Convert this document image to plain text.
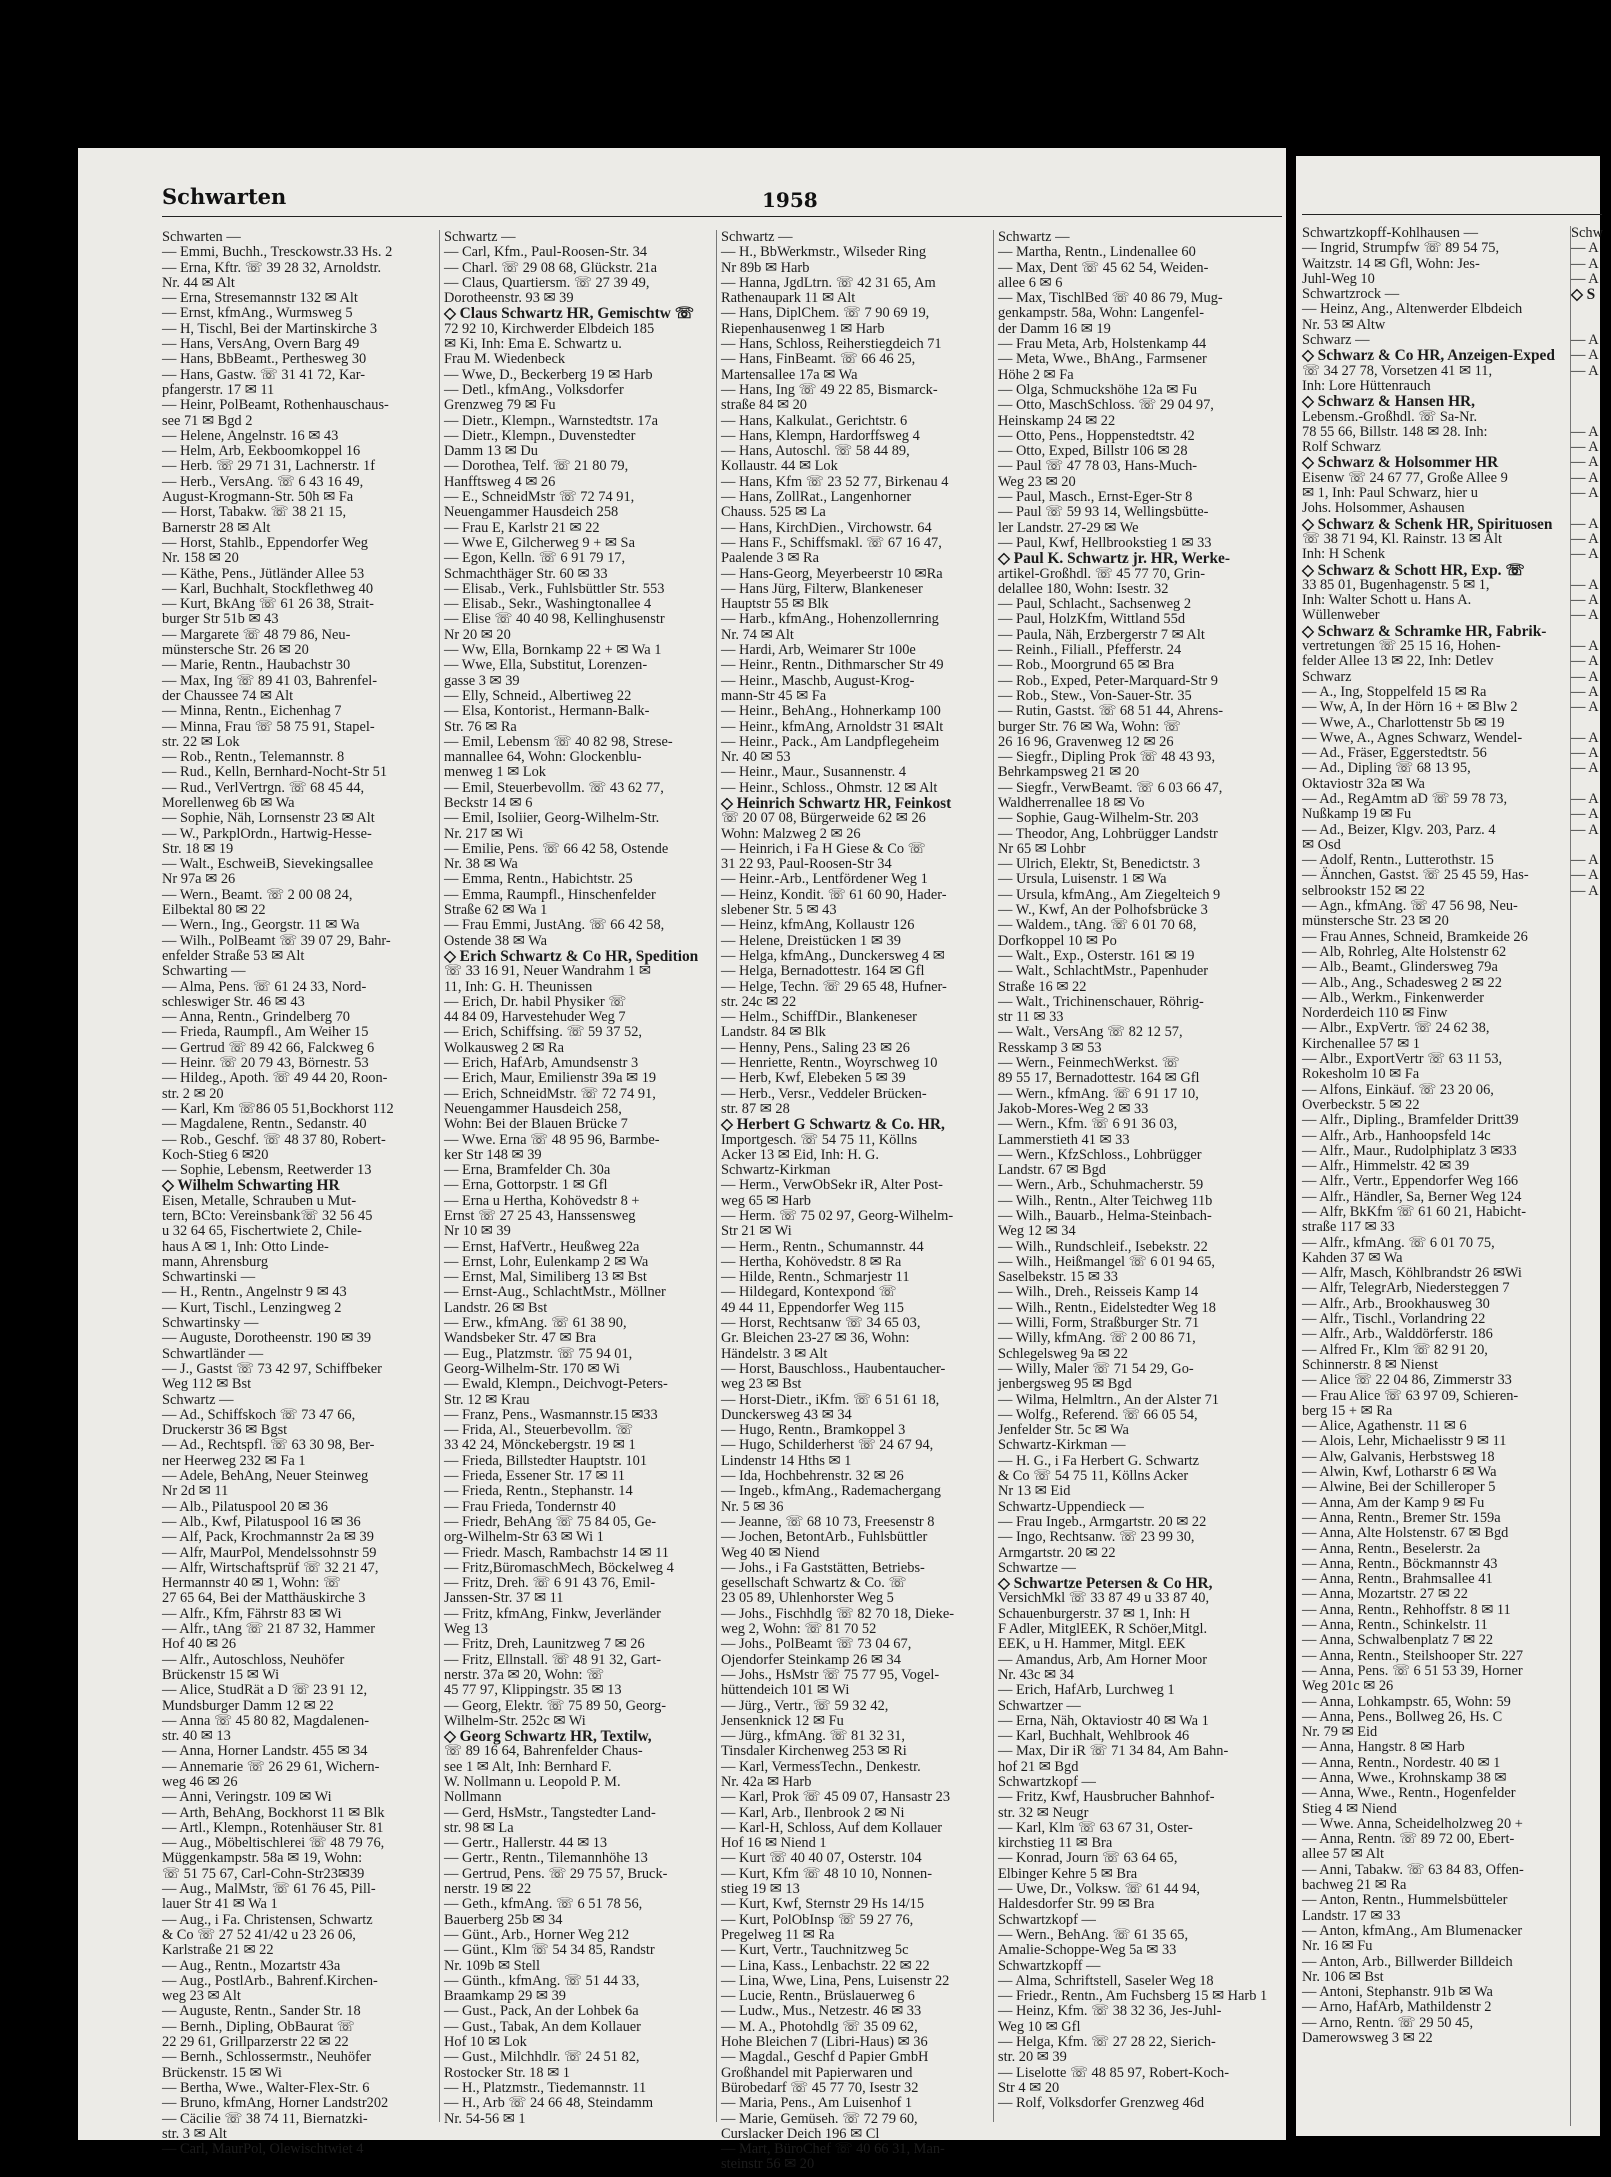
Schwarten	1958
Schwarten —
— Emmi, Buchh., Tresckowstr.33 Hs. 2
— Erna, Kftr. ☏ 39 28 32, Arnoldstr.
Nr. 44 ✉ Alt
— Erna, Stresemannstr 132 ✉ Alt
— Ernst, kfmAng., Wurmsweg 5
— H, Tischl, Bei der Martinskirche 3
— Hans, VersAng, Overn Barg 49
— Hans, BbBeamt., Perthesweg 30
— Hans, Gastw. ☏ 31 41 72, Kar-
pfangerstr. 17 ✉ 11
— Heinr, PolBeamt, Rothenhauschaus-
see 71 ✉ Bgd 2
— Helene, Angelnstr. 16 ✉ 43
— Helm, Arb, Eekboomkoppel 16
— Herb. ☏ 29 71 31, Lachnerstr. 1f
— Herb., VersAng. ☏ 6 43 16 49,
August-Krogmann-Str. 50h ✉ Fa
— Horst, Tabakw. ☏ 38 21 15,
Barnerstr 28 ✉ Alt
— Horst, Stahlb., Eppendorfer Weg
Nr. 158 ✉ 20
— Käthe, Pens., Jütländer Allee 53
— Karl, Buchhalt, Stockflethweg 40
— Kurt, BkAng ☏ 61 26 38, Strait-
burger Str 51b ✉ 43
— Margarete ☏ 48 79 86, Neu-
münstersche Str. 26 ✉ 20
— Marie, Rentn., Haubachstr 30
— Max, Ing ☏ 89 41 03, Bahrenfel-
der Chaussee 74 ✉ Alt
— Minna, Rentn., Eichenhag 7
— Minna, Frau ☏ 58 75 91, Stapel-
str. 22 ✉ Lok
— Rob., Rentn., Telemannstr. 8
— Rud., Kelln, Bernhard-Nocht-Str 51
— Rud., VerlVertrgn. ☏ 68 45 44,
Morellenweg 6b ✉ Wa
— Sophie, Näh, Lornsenstr 23 ✉ Alt
— W., ParkplOrdn., Hartwig-Hesse-
Str. 18 ✉ 19
— Walt., EschweiB, Sievekingsallee
Nr 97a ✉ 26
— Wern., Beamt. ☏ 2 00 08 24,
Eilbektal 80 ✉ 22
— Wern., Ing., Georgstr. 11 ✉ Wa
— Wilh., PolBeamt ☏ 39 07 29, Bahr-
enfelder Straße 53 ✉ Alt
Schwarting —
— Alma, Pens. ☏ 61 24 33, Nord-
schleswiger Str. 46 ✉ 43
— Anna, Rentn., Grindelberg 70
— Frieda, Raumpfl., Am Weiher 15
— Gertrud ☏ 89 42 66, Falckweg 6
— Heinr. ☏ 20 79 43, Börnestr. 53
— Hildeg., Apoth. ☏ 49 44 20, Roon-
str. 2 ✉ 20
— Karl, Km ☏86 05 51,Bockhorst 112
— Magdalene, Rentn., Sedanstr. 40
— Rob., Geschf. ☏ 48 37 80, Robert-
Koch-Stieg 6 ✉20
— Sophie, Lebensm, Reetwerder 13
◇ Wilhelm Schwarting HR
Eisen, Metalle, Schrauben u Mut-
tern, BCto: Vereinsbank☏ 32 56 45
u 32 64 65, Fischertwiete 2, Chile-
haus A ✉ 1, Inh: Otto Linde-
mann, Ahrensburg
Schwartinski —
— H., Rentn., Angelnstr 9 ✉ 43
— Kurt, Tischl., Lenzingweg 2
Schwartinsky —
— Auguste, Dorotheenstr. 190 ✉ 39
Schwartländer —
— J., Gastst ☏ 73 42 97, Schiffbeker
Weg 112 ✉ Bst
Schwartz —
— Ad., Schiffskoch ☏ 73 47 66,
Druckerstr 36 ✉ Bgst
— Ad., Rechtspfl. ☏ 63 30 98, Ber-
ner Heerweg 232 ✉ Fa 1
— Adele, BehAng, Neuer Steinweg
Nr 2d ✉ 11
— Alb., Pilatuspool 20 ✉ 36
— Alb., Kwf, Pilatuspool 16 ✉ 36
— Alf, Pack, Krochmannstr 2a ✉ 39
— Alfr, MaurPol, Mendelssohnstr 59
— Alfr, Wirtschaftsprüf ☏ 32 21 47,
Hermannstr 40 ✉ 1, Wohn: ☏
27 65 64, Bei der Matthäuskirche 3
— Alfr., Kfm, Fährstr 83 ✉ Wi
— Alfr., tAng ☏ 21 87 32, Hammer
Hof 40 ✉ 26
— Alfr., Autoschloss, Neuhöfer
Brückenstr 15 ✉ Wi
— Alice, StudRät a D ☏ 23 91 12,
Mundsburger Damm 12 ✉ 22
— Anna ☏ 45 80 82, Magdalenen-
str. 40 ✉ 13
— Anna, Horner Landstr. 455 ✉ 34
— Annemarie ☏ 26 29 61, Wichern-
weg 46 ✉ 26
— Anni, Veringstr. 109 ✉ Wi
— Arth, BehAng, Bockhorst 11 ✉ Blk
— Artl., Klempn., Rotenhäuser Str. 81
— Aug., Möbeltischlerei ☏ 48 79 76,
Müggenkampstr. 58a ✉ 19, Wohn:
☏ 51 75 67, Carl-Cohn-Str23✉39
— Aug., MalMstr, ☏ 61 76 45, Pill-
lauer Str 41 ✉ Wa 1
— Aug., i Fa. Christensen, Schwartz
& Co ☏ 27 52 41/42 u 23 26 06,
Karlstraße 21 ✉ 22
— Aug., Rentn., Mozartstr 43a
— Aug., PostlArb., Bahrenf.Kirchen-
weg 23 ✉ Alt
— Auguste, Rentn., Sander Str. 18
— Bernh., Dipling, ObBaurat ☏
22 29 61, Grillparzerstr 22 ✉ 22
— Bernh., Schlossermstr., Neuhöfer
Brückenstr. 15 ✉ Wi
— Bertha, Wwe., Walter-Flex-Str. 6
— Bruno, kfmAng, Horner Landstr202
— Cäcilie ☏ 38 74 11, Biernatzki-
str. 3 ✉ Alt
— Carl, MaurPol, Olewischtwiet 4
Schwartz —
— Carl, Kfm., Paul-Roosen-Str. 34
— Charl. ☏ 29 08 68, Glückstr. 21a
— Claus, Quartiersm. ☏ 27 39 49,
Dorotheenstr. 93 ✉ 39
◇ Claus Schwartz HR, Gemischtw ☏
72 92 10, Kirchwerder Elbdeich 185
✉ Ki, Inh: Ema E. Schwartz u.
Frau M. Wiedenbeck
— Wwe, D., Beckerberg 19 ✉ Harb
— Detl., kfmAng., Volksdorfer
Grenzweg 79 ✉ Fu
— Dietr., Klempn., Warnstedtstr. 17a
— Dietr., Klempn., Duvenstedter
Damm 13 ✉ Du
— Dorothea, Telf. ☏ 21 80 79,
Hanfftsweg 4 ✉ 26
— E., SchneidMstr ☏ 72 74 91,
Neuengammer Hausdeich 258
— Frau E, Karlstr 21 ✉ 22
— Wwe E, Gilcherweg 9 + ✉ Sa
— Egon, Kelln. ☏ 6 91 79 17,
Schmachthäger Str. 60 ✉ 33
— Elisab., Verk., Fuhlsbüttler Str. 553
— Elisab., Sekr., Washingtonallee 4
— Elise ☏ 40 40 98, Kellinghusenstr
Nr 20 ✉ 20
— Ww, Ella, Bornkamp 22 + ✉ Wa 1
— Wwe, Ella, Substitut, Lorenzen-
gasse 3 ✉ 39
— Elly, Schneid., Albertiweg 22
— Elsa, Kontorist., Hermann-Balk-
Str. 76 ✉ Ra
— Emil, Lebensm ☏ 40 82 98, Strese-
mannallee 64, Wohn: Glockenblu-
menweg 1 ✉ Lok
— Emil, Steuerbevollm. ☏ 43 62 77,
Beckstr 14 ✉ 6
— Emil, Isoliier, Georg-Wilhelm-Str.
Nr. 217 ✉ Wi
— Emilie, Pens. ☏ 66 42 58, Ostende
Nr. 38 ✉ Wa
— Emma, Rentn., Habichtstr. 25
— Emma, Raumpfl., Hinschenfelder
Straße 62 ✉ Wa 1
— Frau Emmi, JustAng. ☏ 66 42 58,
Ostende 38 ✉ Wa
◇ Erich Schwartz & Co HR, Spedition
☏ 33 16 91, Neuer Wandrahm 1 ✉
11, Inh: G. H. Theunissen
— Erich, Dr. habil Physiker ☏
44 84 09, Harvestehuder Weg 7
— Erich, Schiffsing. ☏ 59 37 52,
Wolkausweg 2 ✉ Ra
— Erich, HafArb, Amundsenstr 3
— Erich, Maur, Emilienstr 39a ✉ 19
— Erich, SchneidMstr. ☏ 72 74 91,
Neuengammer Hausdeich 258,
Wohn: Bei der Blauen Brücke 7
— Wwe. Erna ☏ 48 95 96, Barmbe-
ker Str 148 ✉ 39
— Erna, Bramfelder Ch. 30a
— Erna, Gottorpstr. 1 ✉ Gfl
— Erna u Hertha, Kohövedstr 8 +
Ernst ☏ 27 25 43, Hanssensweg
Nr 10 ✉ 39
— Ernst, HafVertr., Heußweg 22a
— Ernst, Lohr, Eulenkamp 2 ✉ Wa
— Ernst, Mal, Similiberg 13 ✉ Bst
— Ernst-Aug., SchlachtMstr., Möllner
Landstr. 26 ✉ Bst
— Erw., kfmAng. ☏ 61 38 90,
Wandsbeker Str. 47 ✉ Bra
— Eug., Platzmstr. ☏ 75 94 01,
Georg-Wilhelm-Str. 170 ✉ Wi
— Ewald, Klempn., Deichvogt-Peters-
Str. 12 ✉ Krau
— Franz, Pens., Wasmannstr.15 ✉33
— Frida, Al., Steuerbevollm. ☏
33 42 24, Mönckebergstr. 19 ✉ 1
— Frieda, Billstedter Hauptstr. 101
— Frieda, Essener Str. 17 ✉ 11
— Frieda, Rentn., Stephanstr. 14
— Frau Frieda, Tondernstr 40
— Friedr, BehAng ☏ 75 84 05, Ge-
org-Wilhelm-Str 63 ✉ Wi 1
— Friedr. Masch, Rambachstr 14 ✉ 11
— Fritz,BüromaschMech, Böckelweg 4
— Fritz, Dreh. ☏ 6 91 43 76, Emil-
Janssen-Str. 37 ✉ 11
— Fritz, kfmAng, Finkw, Jeverländer
Weg 13
— Fritz, Dreh, Launitzweg 7 ✉ 26
— Fritz, Ellnstall. ☏ 48 91 32, Gart-
nerstr. 37a ✉ 20, Wohn: ☏
45 77 97, Klippingstr. 35 ✉ 13
— Georg, Elektr. ☏ 75 89 50, Georg-
Wilhelm-Str. 252c ✉ Wi
◇ Georg Schwartz HR, Textilw,
☏ 89 16 64, Bahrenfelder Chaus-
see 1 ✉ Alt, Inh: Bernhard F.
W. Nollmann u. Leopold P. M.
Nollmann
— Gerd, HsMstr., Tangstedter Land-
str. 98 ✉ La
— Gertr., Hallerstr. 44 ✉ 13
— Gertr., Rentn., Tilemannhöhe 13
— Gertrud, Pens. ☏ 29 75 57, Bruck-
nerstr. 19 ✉ 22
— Geth., kfmAng. ☏ 6 51 78 56,
Bauerberg 25b ✉ 34
— Günt., Arb., Horner Weg 212
— Günt., Klm ☏ 54 34 85, Randstr
Nr. 109b ✉ Stell
— Günth., kfmAng. ☏ 51 44 33,
Braamkamp 29 ✉ 39
— Gust., Pack, An der Lohbek 6a
— Gust., Tabak, An dem Kollauer
Hof 10 ✉ Lok
— Gust., Milchhdlr. ☏ 24 51 82,
Rostocker Str. 18 ✉ 1
— H., Platzmstr., Tiedemannstr. 11
— H., Arb ☏ 24 66 48, Steindamm
Nr. 54-56 ✉ 1
Schwartz —
— H., BbWerkmstr., Wilseder Ring
Nr 89b ✉ Harb
— Hanna, JgdLtrn. ☏ 42 31 65, Am
Rathenaupark 11 ✉ Alt
— Hans, DiplChem. ☏ 7 90 69 19,
Riepenhausenweg 1 ✉ Harb
— Hans, Schloss, Reiherstiegdeich 71
— Hans, FinBeamt. ☏ 66 46 25,
Martensallee 17a ✉ Wa
— Hans, Ing ☏ 49 22 85, Bismarck-
straße 84 ✉ 20
— Hans, Kalkulat., Gerichtstr. 6
— Hans, Klempn, Hardorffsweg 4
— Hans, Autoschl. ☏ 58 44 89,
Kollaustr. 44 ✉ Lok
— Hans, Kfm ☏ 23 52 77, Birkenau 4
— Hans, ZollRat., Langenhorner
Chauss. 525 ✉ La
— Hans, KirchDien., Virchowstr. 64
— Hans F., Schiffsmakl. ☏ 67 16 47,
Paalende 3 ✉ Ra
— Hans-Georg, Meyerbeerstr 10 ✉Ra
— Hans Jürg, Filterw, Blankeneser
Hauptstr 55 ✉ Blk
— Harb., kfmAng., Hohenzollernring
Nr. 74 ✉ Alt
— Hardi, Arb, Weimarer Str 100e
— Heinr., Rentn., Dithmarscher Str 49
— Heinr., Maschb, August-Krog-
mann-Str 45 ✉ Fa
— Heinr., BehAng., Hohnerkamp 100
— Heinr., kfmAng, Arnoldstr 31 ✉Alt
— Heinr., Pack., Am Landpflegeheim
Nr. 40 ✉ 53
— Heinr., Maur., Susannenstr. 4
— Heinr., Schloss., Ohmstr. 12 ✉ Alt
◇ Heinrich Schwartz HR, Feinkost
☏ 20 07 08, Bürgerweide 62 ✉ 26
Wohn: Malzweg 2 ✉ 26
— Heinrich, i Fa H Giese & Co ☏
31 22 93, Paul-Roosen-Str 34
— Heinr.-Arb., Lentfördener Weg 1
— Heinz, Kondit. ☏ 61 60 90, Hader-
slebener Str. 5 ✉ 43
— Heinz, kfmAng, Kollaustr 126
— Helene, Dreistücken 1 ✉ 39
— Helga, kfmAng., Dunckersweg 4 ✉
— Helga, Bernadottestr. 164 ✉ Gfl
— Helge, Techn. ☏ 29 65 48, Hufner-
str. 24c ✉ 22
— Helm., SchiffDir., Blankeneser
Landstr. 84 ✉ Blk
— Henny, Pens., Saling 23 ✉ 26
— Henriette, Rentn., Woyrschweg 10
— Herb, Kwf, Elebeken 5 ✉ 39
— Herb., Versr., Veddeler Brücken-
str. 87 ✉ 28
◇ Herbert G Schwartz & Co. HR,
Importgesch. ☏ 54 75 11, Köllns
Acker 13 ✉ Eid, Inh: H. G.
Schwartz-Kirkman
— Herm., VerwObSekr iR, Alter Post-
weg 65 ✉ Harb
— Herm. ☏ 75 02 97, Georg-Wilhelm-
Str 21 ✉ Wi
— Herm., Rentn., Schumannstr. 44
— Hertha, Kohövedstr. 8 ✉ Ra
— Hilde, Rentn., Schmarjestr 11
— Hildegard, Kontexpond ☏
49 44 11, Eppendorfer Weg 115
— Horst, Rechtsanw ☏ 34 65 03,
Gr. Bleichen 23-27 ✉ 36, Wohn:
Händelstr. 3 ✉ Alt
— Horst, Bauschloss., Haubentaucher-
weg 23 ✉ Bst
— Horst-Dietr., iKfm. ☏ 6 51 61 18,
Dunckersweg 43 ✉ 34
— Hugo, Rentn., Bramkoppel 3
— Hugo, Schilderherst ☏ 24 67 94,
Lindenstr 14 Hths ✉ 1
— Ida, Hochbehrenstr. 32 ✉ 26
— Ingeb., kfmAng., Rademachergang
Nr. 5 ✉ 36
— Jeanne, ☏ 68 10 73, Freesenstr 8
— Jochen, BetontArb., Fuhlsbüttler
Weg 40 ✉ Niend
— Johs., i Fa Gaststätten, Betriebs-
gesellschaft Schwartz & Co. ☏
23 05 89, Uhlenhorster Weg 5
— Johs., Fischhdlg ☏ 82 70 18, Dieke-
weg 2, Wohn: ☏ 81 70 52
— Johs., PolBeamt ☏ 73 04 67,
Ojendorfer Steinkamp 26 ✉ 34
— Johs., HsMstr ☏ 75 77 95, Vogel-
hüttendeich 101 ✉ Wi
— Jürg., Vertr., ☏ 59 32 42,
Jensenknick 12 ✉ Fu
— Jürg., kfmAng. ☏ 81 32 31,
Tinsdaler Kirchenweg 253 ✉ Ri
— Karl, VermessTechn., Denkestr.
Nr. 42a ✉ Harb
— Karl, Prok ☏ 45 09 07, Hansastr 23
— Karl, Arb., Ilenbrook 2 ✉ Ni
— Karl-H, Schloss, Auf dem Kollauer
Hof 16 ✉ Niend 1
— Kurt ☏ 40 40 07, Osterstr. 104
— Kurt, Kfm ☏ 48 10 10, Nonnen-
stieg 19 ✉ 13
— Kurt, Kwf, Sternstr 29 Hs 14/15
— Kurt, PolObInsp ☏ 59 27 76,
Pregelweg 11 ✉ Ra
— Kurt, Vertr., Tauchnitzweg 5c
— Lina, Kass., Lenbachstr. 22 ✉ 22
— Lina, Wwe, Lina, Pens, Luisenstr 22
— Lucie, Rentn., Brüslauerweg 6
— Ludw., Mus., Netzestr. 46 ✉ 33
— M. A., Photohdlg ☏ 35 09 62,
Hohe Bleichen 7 (Libri-Haus) ✉ 36
— Magdal., Geschf d Papier GmbH
Großhandel mit Papierwaren und
Bürobedarf ☏ 45 77 70, Isestr 32
— Maria, Pens., Am Luisenhof 1
— Marie, Gemüseh. ☏ 72 79 60,
Curslacker Deich 196 ✉ Cl
— Mart, BüroChef ☏ 40 66 31, Man-
steinstr 56 ✉ 20
Schwartz —
— Martha, Rentn., Lindenallee 60
— Max, Dent ☏ 45 62 54, Weiden-
allee 6 ✉ 6
— Max, TischlBed ☏ 40 86 79, Mug-
genkampstr. 58a, Wohn: Langenfel-
der Damm 16 ✉ 19
— Frau Meta, Arb, Holstenkamp 44
— Meta, Wwe., BhAng., Farmsener
Höhe 2 ✉ Fa
— Olga, Schmuckshöhe 12a ✉ Fu
— Otto, MaschSchloss. ☏ 29 04 97,
Heinskamp 24 ✉ 22
— Otto, Pens., Hoppenstedtstr. 42
— Otto, Exped, Billstr 106 ✉ 28
— Paul ☏ 47 78 03, Hans-Much-
Weg 23 ✉ 20
— Paul, Masch., Ernst-Eger-Str 8
— Paul ☏ 59 93 14, Wellingsbütte-
ler Landstr. 27-29 ✉ We
— Paul, Kwf, Hellbrookstieg 1 ✉ 33
◇ Paul K. Schwartz jr. HR, Werke-
artikel-Großhdl. ☏ 45 77 70, Grin-
delallee 180, Wohn: Isestr. 32
— Paul, Schlacht., Sachsenweg 2
— Paul, HolzKfm, Wittland 55d
— Paula, Näh, Erzbergerstr 7 ✉ Alt
— Reinh., Filiall., Pfefferstr. 24
— Rob., Moorgrund 65 ✉ Bra
— Rob., Exped, Peter-Marquard-Str 9
— Rob., Stew., Von-Sauer-Str. 35
— Rutin, Gastst. ☏ 68 51 44, Ahrens-
burger Str. 76 ✉ Wa, Wohn: ☏
26 16 96, Gravenweg 12 ✉ 26
— Siegfr., Dipling Prok ☏ 48 43 93,
Behrkampsweg 21 ✉ 20
— Siegfr., VerwBeamt. ☏ 6 03 66 47,
Waldherrenallee 18 ✉ Vo
— Sophie, Gaug-Wilhelm-Str. 203
— Theodor, Ang, Lohbrügger Landstr
Nr 65 ✉ Lohbr
— Ulrich, Elektr, St, Benedictstr. 3
— Ursula, Luisenstr. 1 ✉ Wa
— Ursula, kfmAng., Am Ziegelteich 9
— W., Kwf, An der Polhofsbrücke 3
— Waldem., tAng. ☏ 6 01 70 68,
Dorfkoppel 10 ✉ Po
— Walt., Exp., Osterstr. 161 ✉ 19
— Walt., SchlachtMstr., Papenhuder
Straße 16 ✉ 22
— Walt., Trichinenschauer, Röhrig-
str 11 ✉ 33
— Walt., VersAng ☏ 82 12 57,
Resskamp 3 ✉ 53
— Wern., FeinmechWerkst. ☏
89 55 17, Bernadottestr. 164 ✉ Gfl
— Wern., kfmAng. ☏ 6 91 17 10,
Jakob-Mores-Weg 2 ✉ 33
— Wern., Kfm. ☏ 6 91 36 03,
Lammerstieth 41 ✉ 33
— Wern., KfzSchloss., Lohbrügger
Landstr. 67 ✉ Bgd
— Wern., Arb., Schuhmacherstr. 59
— Wilh., Rentn., Alter Teichweg 11b
— Wilh., Bauarb., Helma-Steinbach-
Weg 12 ✉ 34
— Wilh., Rundschleif., Isebekstr. 22
— Wilh., Heißmangel ☏ 6 01 94 65,
Saselbekstr. 15 ✉ 33
— Wilh., Dreh., Reisseis Kamp 14
— Wilh., Rentn., Eidelstedter Weg 18
— Willi, Form, Straßburger Str. 71
— Willy, kfmAng. ☏ 2 00 86 71,
Schlegelsweg 9a ✉ 22
— Willy, Maler ☏ 71 54 29, Go-
jenbergsweg 95 ✉ Bgd
— Wilma, Helmltrn., An der Alster 71
— Wolfg., Referend. ☏ 66 05 54,
Jenfelder Str. 5c ✉ Wa
Schwartz-Kirkman —
— H. G., i Fa Herbert G. Schwartz
& Co ☏ 54 75 11, Köllns Acker
Nr 13 ✉ Eid
Schwartz-Uppendieck —
— Frau Ingeb., Armgartstr. 20 ✉ 22
— Ingo, Rechtsanw. ☏ 23 99 30,
Armgartstr. 20 ✉ 22
Schwartze —
◇ Schwartze Petersen & Co HR,
VersichMkl ☏ 33 87 49 u 33 87 40,
Schauenburgerstr. 37 ✉ 1, Inh: H
F Adler, MitglEEK, R Schöer,Mitgl.
EEK, u H. Hammer, Mitgl. EEK
— Amandus, Arb, Am Horner Moor
Nr. 43c ✉ 34
— Erich, HafArb, Lurchweg 1
Schwartzer —
— Erna, Näh, Oktaviostr 40 ✉ Wa 1
— Karl, Buchhalt, Wehlbrook 46
— Max, Dir iR ☏ 71 34 84, Am Bahn-
hof 21 ✉ Bgd
Schwartzkopf —
— Fritz, Kwf, Hausbrucher Bahnhof-
str. 32 ✉ Neugr
— Karl, Klm ☏ 63 67 31, Oster-
kirchstieg 11 ✉ Bra
— Konrad, Journ ☏ 63 64 65,
Elbinger Kehre 5 ✉ Bra
— Uwe, Dr., Volksw. ☏ 61 44 94,
Haldesdorfer Str. 99 ✉ Bra
Schwartzkopf —
— Wern., BehAng. ☏ 61 35 65,
Amalie-Schoppe-Weg 5a ✉ 33
Schwartzkopff —
— Alma, Schriftstell, Saseler Weg 18
— Friedr., Rentn., Am Fuchsberg 15 ✉ Harb 1
— Heinz, Kfm. ☏ 38 32 36, Jes-Juhl-
Weg 10 ✉ Gfl
— Helga, Kfm. ☏ 27 28 22, Sierich-
str. 20 ✉ 39
— Liselotte ☏ 48 85 97, Robert-Koch-
Str 4 ✉ 20
— Rolf, Volksdorfer Grenzweg 46d
Schwartzkopff-Kohlhausen —
— Ingrid, Strumpfw ☏ 89 54 75,
Waitzstr. 14 ✉ Gfl, Wohn: Jes-
Juhl-Weg 10
Schwartzrock —
— Heinz, Ang., Altenwerder Elbdeich
Nr. 53 ✉ Altw
Schwarz —
◇ Schwarz & Co HR, Anzeigen-Exped
☏ 34 27 78, Vorsetzen 41 ✉ 11,
Inh: Lore Hüttenrauch
◇ Schwarz & Hansen HR,
Lebensm.-Großhdl. ☏ Sa-Nr.
78 55 66, Billstr. 148 ✉ 28. Inh:
Rolf Schwarz
◇ Schwarz & Holsommer HR
Eisenw ☏ 24 67 77, Große Allee 9
✉ 1, Inh: Paul Schwarz, hier u
Johs. Holsommer, Ashausen
◇ Schwarz & Schenk HR, Spirituosen
☏ 38 71 94, Kl. Rainstr. 13 ✉ Alt
Inh: H Schenk
◇ Schwarz & Schott HR, Exp. ☏
33 85 01, Bugenhagenstr. 5 ✉ 1,
Inh: Walter Schott u. Hans A.
Wüllenweber
◇ Schwarz & Schramke HR, Fabrik-
vertretungen ☏ 25 15 16, Hohen-
felder Allee 13 ✉ 22, Inh: Detlev
Schwarz
— A., Ing, Stoppelfeld 15 ✉ Ra
— Ww, A, In der Hörn 16 + ✉ Blw 2
— Wwe, A., Charlottenstr 5b ✉ 19
— Wwe, A., Agnes Schwarz, Wendel-
— Ad., Fräser, Eggerstedtstr. 56
— Ad., Dipling ☏ 68 13 95,
Oktaviostr 32a ✉ Wa
— Ad., RegAmtm aD ☏ 59 78 73,
Nußkamp 19 ✉ Fu
— Ad., Beizer, Klgv. 203, Parz. 4
✉ Osd
— Adolf, Rentn., Lutterothstr. 15
— Ännchen, Gastst. ☏ 25 45 59, Has-
selbrookstr 152 ✉ 22
— Agn., kfmAng. ☏ 47 56 98, Neu-
münstersche Str. 23 ✉ 20
— Frau Annes, Schneid, Bramkeide 26
— Alb, Rohrleg, Alte Holstenstr 62
— Alb., Beamt., Glindersweg 79a
— Alb., Ang., Schadesweg 2 ✉ 22
— Alb., Werkm., Finkenwerder
Norderdeich 110 ✉ Finw
— Albr., ExpVertr. ☏ 24 62 38,
Kirchenallee 57 ✉ 1
— Albr., ExportVertr ☏ 63 11 53,
Rokesholm 10 ✉ Fa
— Alfons, Einkäuf. ☏ 23 20 06,
Overbeckstr. 5 ✉ 22
— Alfr., Dipling., Bramfelder Dritt39
— Alfr., Arb., Hanhoopsfeld 14c
— Alfr., Maur., Rudolphiplatz 3 ✉33
— Alfr., Himmelstr. 42 ✉ 39
— Alfr., Vertr., Eppendorfer Weg 166
— Alfr., Händler, Sa, Berner Weg 124
— Alfr, BkKfm ☏ 61 60 21, Habicht-
straße 117 ✉ 33
— Alfr., kfmAng. ☏ 6 01 70 75,
Kahden 37 ✉ Wa
— Alfr, Masch, Köhlbrandstr 26 ✉Wi
— Alfr, TelegrArb, Niedersteggen 7
— Alfr., Arb., Brookhausweg 30
— Alfr., Tischl., Vorlandring 22
— Alfr., Arb., Walddörferstr. 186
— Alfred Fr., Klm ☏ 82 91 20,
Schinnerstr. 8 ✉ Nienst
— Alice ☏ 22 04 86, Zimmerstr 33
— Frau Alice ☏ 63 97 09, Schieren-
berg 15 + ✉ Ra
— Alice, Agathenstr. 11 ✉ 6
— Alois, Lehr, Michaelisstr 9 ✉ 11
— Alw, Galvanis, Herbstsweg 18
— Alwin, Kwf, Lotharstr 6 ✉ Wa
— Alwine, Bei der Schilleroper 5
— Anna, Am der Kamp 9 ✉ Fu
— Anna, Rentn., Bremer Str. 159a
— Anna, Alte Holstenstr. 67 ✉ Bgd
— Anna, Rentn., Beselerstr. 2a
— Anna, Rentn., Böckmannstr 43
— Anna, Rentn., Brahmsallee 41
— Anna, Mozartstr. 27 ✉ 22
— Anna, Rentn., Rehhoffstr. 8 ✉ 11
— Anna, Rentn., Schinkelstr. 11
— Anna, Schwalbenplatz 7 ✉ 22
— Anna, Rentn., Steilshooper Str. 227
— Anna, Pens. ☏ 6 51 53 39, Horner
Weg 201c ✉ 26
— Anna, Lohkampstr. 65, Wohn: 59
— Anna, Pens., Bollweg 26, Hs. C
Nr. 79 ✉ Eid
— Anna, Hangstr. 8 ✉ Harb
— Anna, Rentn., Nordestr. 40 ✉ 1
— Anna, Wwe., Krohnskamp 38 ✉
— Anna, Wwe., Rentn., Hogenfelder
Stieg 4 ✉ Niend
— Wwe. Anna, Scheidelholzweg 20 +
— Anna, Rentn. ☏ 89 72 00, Ebert-
allee 57 ✉ Alt
— Anni, Tabakw. ☏ 63 84 83, Offen-
bachweg 21 ✉ Ra
— Anton, Rentn., Hummelsbütteler
Landstr. 17 ✉ 33
— Anton, kfmAng., Am Blumenacker
Nr. 16 ✉ Fu
— Anton, Arb., Billwerder Billdeich
Nr. 106 ✉ Bst
— Antoni, Stephanstr. 91b ✉ Wa
— Arno, HafArb, Mathildenstr 2
— Arno, Rentn. ☏ 29 50 45,
Damerowsweg 3 ✉ 22
Schw
— A
— A
— A
◇ S

— A
— A
— A

— A
— A
— A
— A
— A

— A
— A
— A

— A
— A
— A

— A
— A
— A
— A
— A

— A
— A
— A

— A
— A
— A

— A
— A
— A
